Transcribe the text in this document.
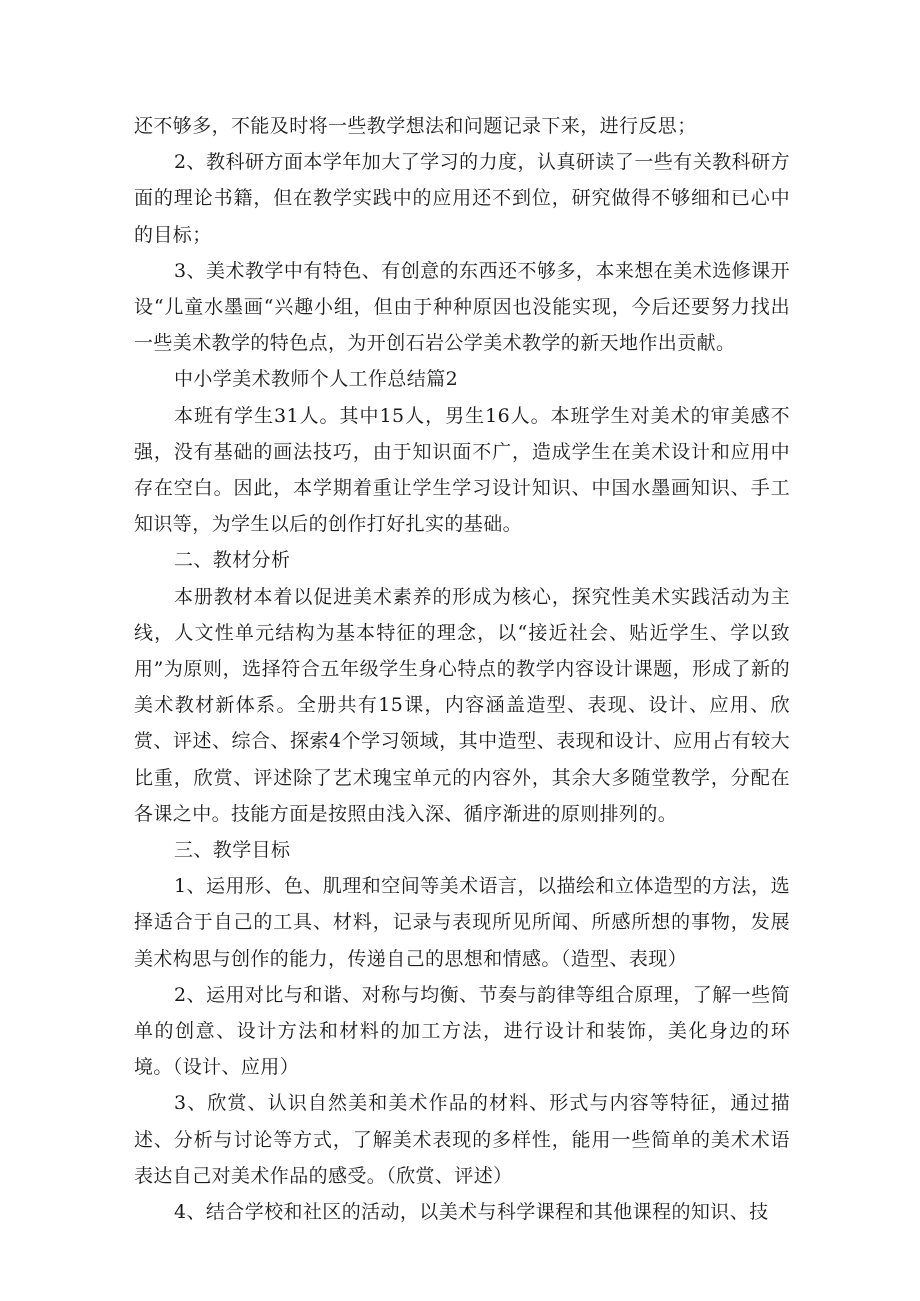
还不够多，不能及时将一些教学想法和问题记录下来，进行反思；

2、教科研方面本学年加大了学习的力度，认真研读了一些有关教科研方面的理论书籍，但在教学实践中的应用还不到位，研究做得不够细和已心中的目标；

3、美术教学中有特色、有创意的东西还不够多，本来想在美术选修课开设“儿童水墨画“兴趣小组，但由于种种原因也没能实现，今后还要努力找出一些美术教学的特色点，为开创石岩公学美术教学的新天地作出贡献。

中小学美术教师个人工作总结篇2

本班有学生31人。其中15人，男生16人。本班学生对美术的审美感不强，没有基础的画法技巧，由于知识面不广，造成学生在美术设计和应用中存在空白。因此，本学期着重让学生学习设计知识、中国水墨画知识、手工知识等，为学生以后的创作打好扎实的基础。

二、教材分析

本册教材本着以促进美术素养的形成为核心，探究性美术实践活动为主线，人文性单元结构为基本特征的理念，以“接近社会、贴近学生、学以致用”为原则，选择符合五年级学生身心特点的教学内容设计课题，形成了新的美术教材新体系。全册共有15课，内容涵盖造型、表现、设计、应用、欣赏、评述、综合、探索4个学习领域，其中造型、表现和设计、应用占有较大比重，欣赏、评述除了艺术瑰宝单元的内容外，其余大多随堂教学，分配在各课之中。技能方面是按照由浅入深、循序渐进的原则排列的。

三、教学目标

1、运用形、色、肌理和空间等美术语言，以描绘和立体造型的方法，选择适合于自己的工具、材料，记录与表现所见所闻、所感所想的事物，发展美术构思与创作的能力，传递自己的思想和情感。（造型、表现）

2、运用对比与和谐、对称与均衡、节奏与韵律等组合原理，了解一些简单的创意、设计方法和材料的加工方法，进行设计和装饰，美化身边的环境。（设计、应用）

3、欣赏、认识自然美和美术作品的材料、形式与内容等特征，通过描述、分析与讨论等方式，了解美术表现的多样性，能用一些简单的美术术语表达自己对美术作品的感受。（欣赏、评述）

4、结合学校和社区的活动，以美术与科学课程和其他课程的知识、技
